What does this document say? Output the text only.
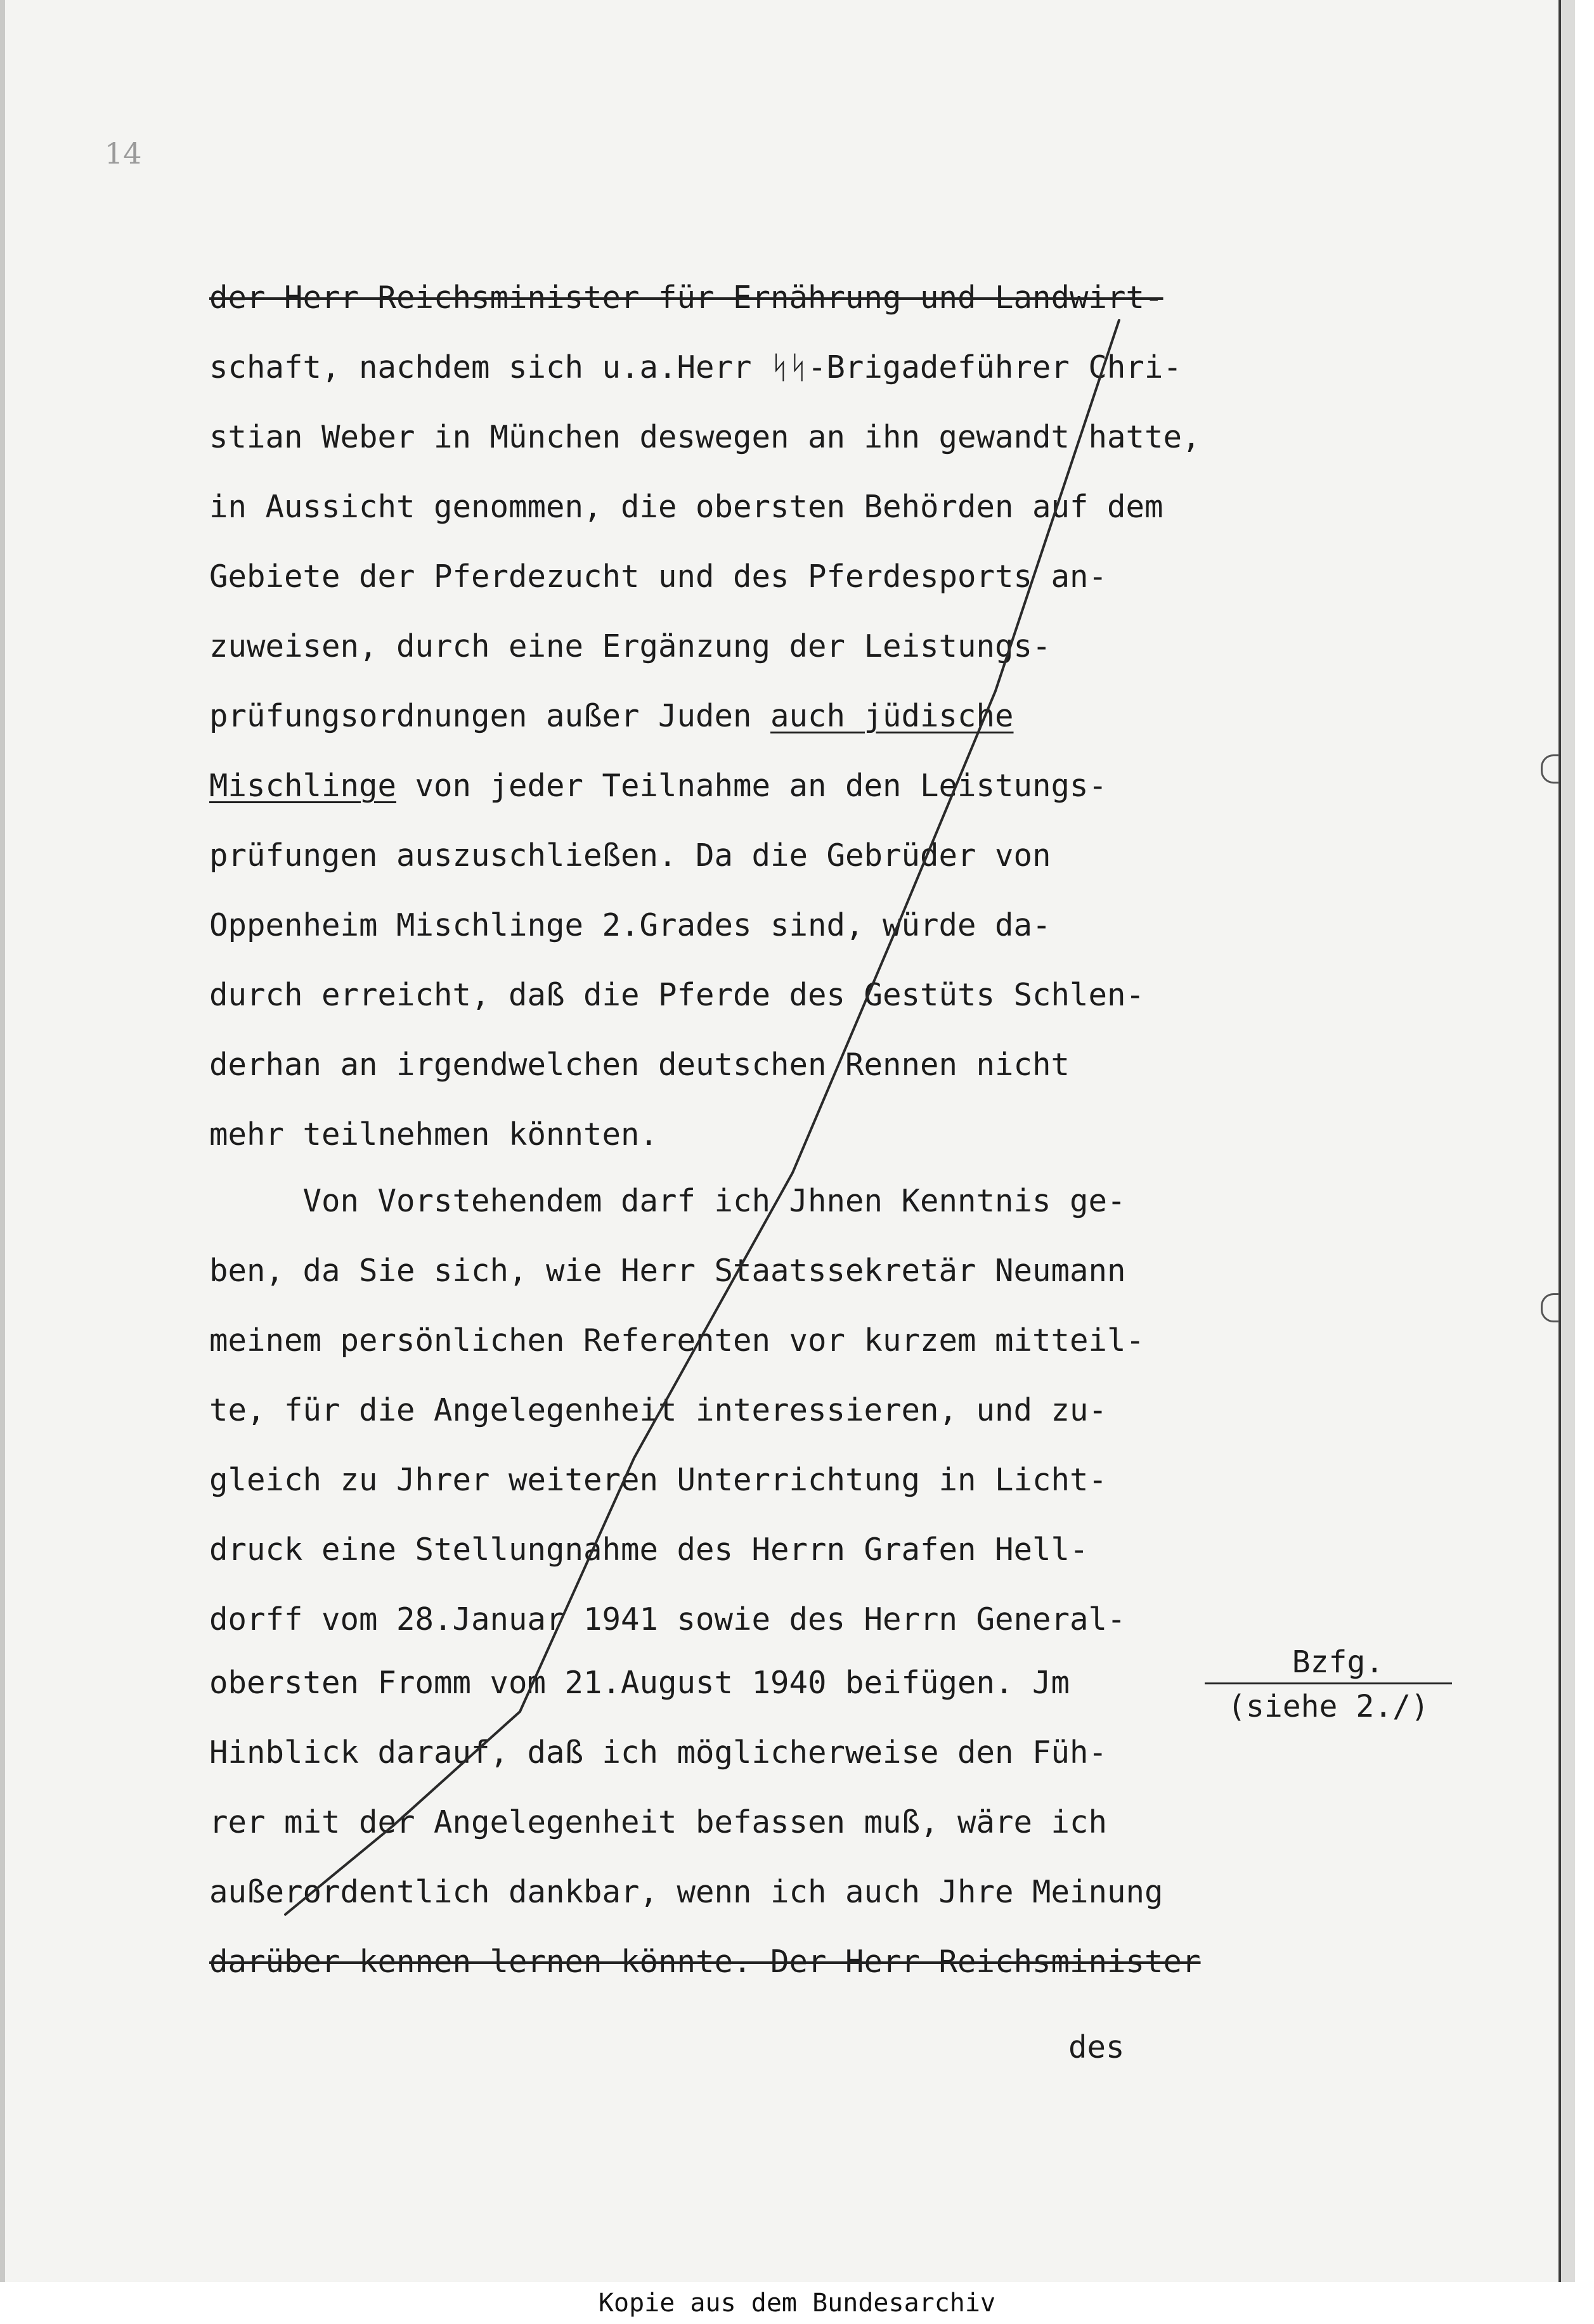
14
der Herr Reichsminister für Ernährung und Landwirt-
schaft, nachdem sich u.a.Herr ᛋᛋ-Brigadeführer Chri-
stian Weber in München deswegen an ihn gewandt hatte,
in Aussicht genommen, die obersten Behörden auf dem
Gebiete der Pferdezucht und des Pferdesports an-
zuweisen, durch eine Ergänzung der Leistungs-
prüfungsordnungen außer Juden auch jüdische
Mischlinge von jeder Teilnahme an den Leistungs-
prüfungen auszuschließen. Da die Gebrüder von
Oppenheim Mischlinge 2.Grades sind, würde da-
durch erreicht, daß die Pferde des Gestüts Schlen-
derhan an irgendwelchen deutschen Rennen nicht
mehr teilnehmen könnten.
Von Vorstehendem darf ich Jhnen Kenntnis ge-
ben, da Sie sich, wie Herr Staatssekretär Neumann
meinem persönlichen Referenten vor kurzem mitteil-
te, für die Angelegenheit interessieren, und zu-
gleich zu Jhrer weiteren Unterrichtung in Licht-
druck eine Stellungnahme des Herrn Grafen Hell-
dorff vom 28.Januar 1941 sowie des Herrn General-
obersten Fromm vom 21.August 1940 beifügen. Jm
Hinblick darauf, daß ich möglicherweise den Füh-
rer mit der Angelegenheit befassen muß, wäre ich
außerordentlich dankbar, wenn ich auch Jhre Meinung
darüber kennen lernen könnte. Der Herr Reichsminister
des
Bzfg.
(siehe 2./)
Kopie aus dem Bundesarchiv
